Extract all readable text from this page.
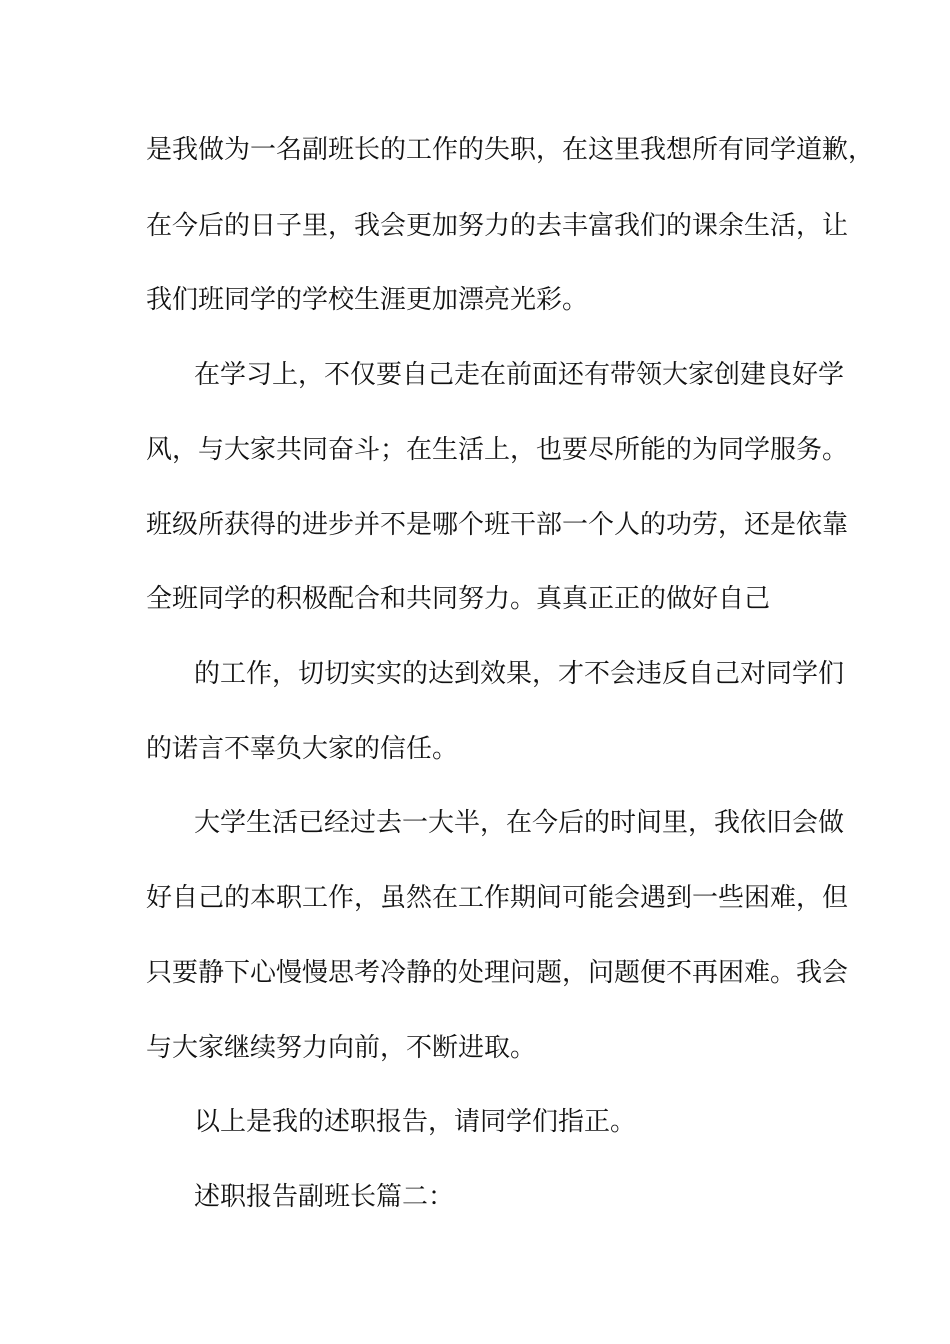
是我做为一名副班长的工作的失职，在这里我想所有同学道歉，
在今后的日子里，我会更加努力的去丰富我们的课余生活，让
我们班同学的学校生涯更加漂亮光彩。
在学习上，不仅要自己走在前面还有带领大家创建良好学
风，与大家共同奋斗；在生活上，也要尽所能的为同学服务。
班级所获得的进步并不是哪个班干部一个人的功劳，还是依靠
全班同学的积极配合和共同努力。真真正正的做好自己
的工作，切切实实的达到效果，才不会违反自己对同学们
的诺言不辜负大家的信任。
大学生活已经过去一大半，在今后的时间里，我依旧会做
好自己的本职工作，虽然在工作期间可能会遇到一些困难，但
只要静下心慢慢思考冷静的处理问题，问题便不再困难。我会
与大家继续努力向前，不断进取。
以上是我的述职报告，请同学们指正。
述职报告副班长篇二：
